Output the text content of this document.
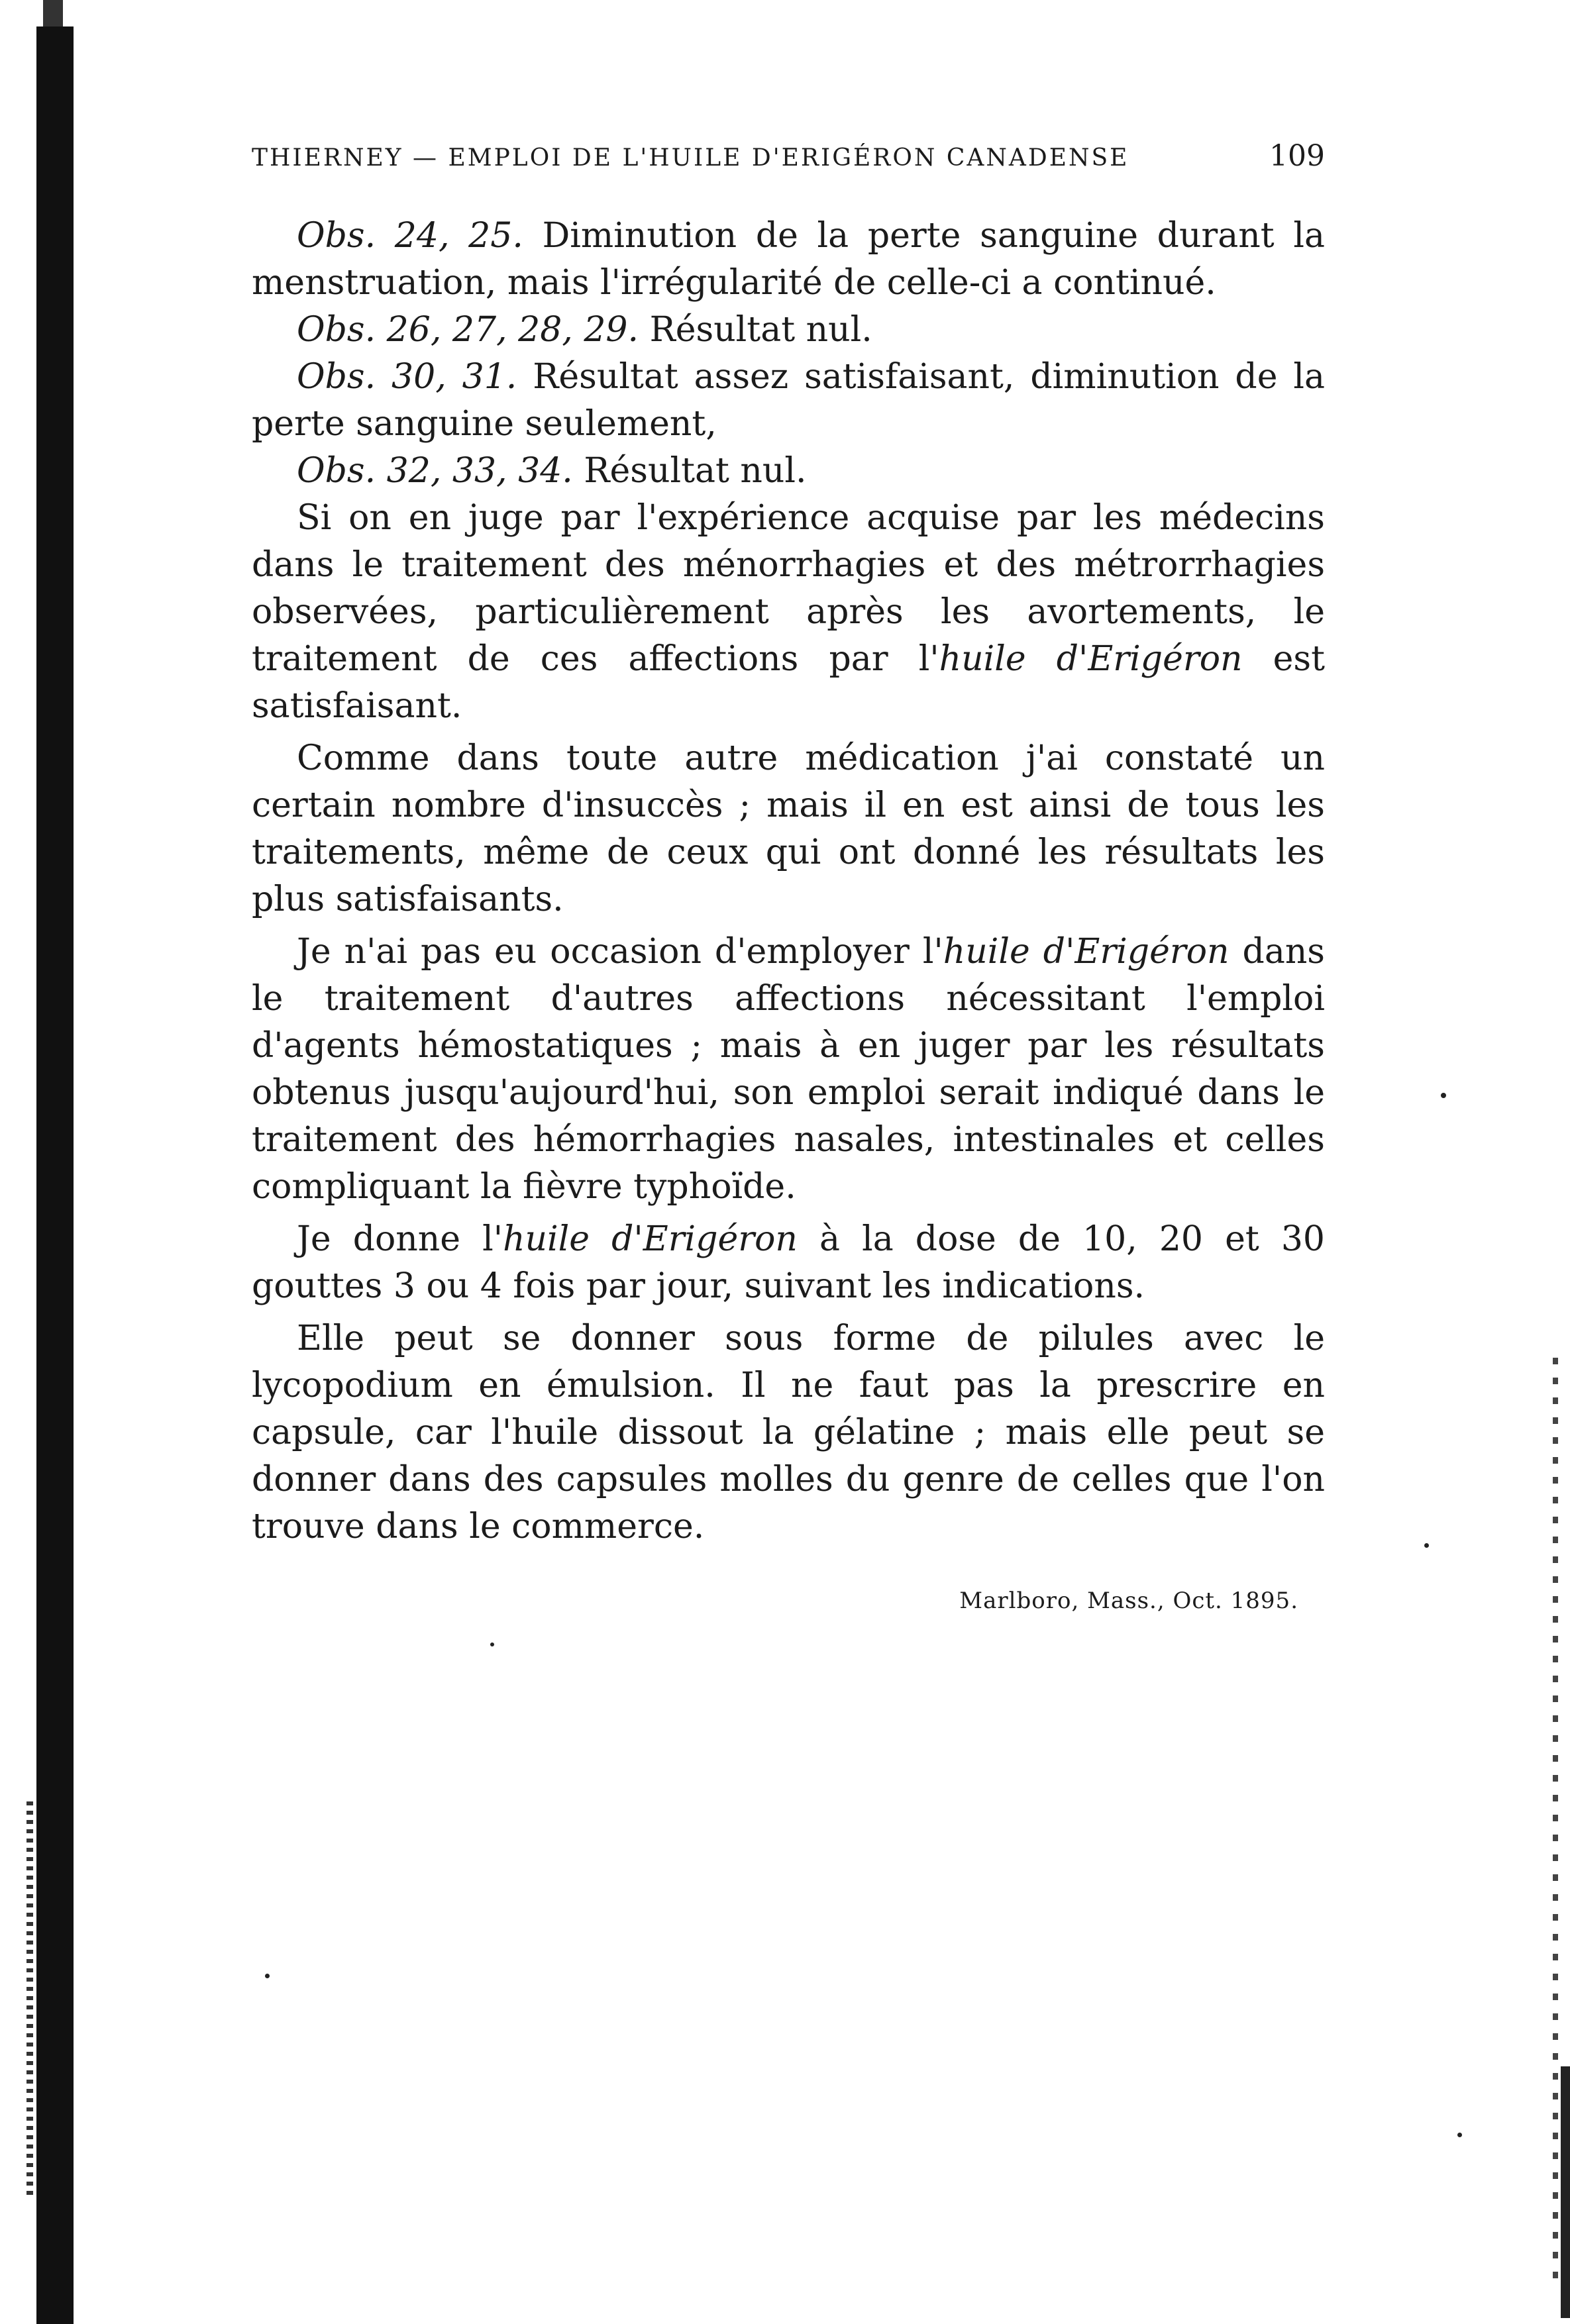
THIERNEY — EMPLOI DE L'HUILE D'ERIGÉRON CANADENSE	109

Obs. 24, 25. Diminution de la perte sanguine durant la menstruation, mais l'irrégularité de celle-ci a continué.

Obs. 26, 27, 28, 29. Résultat nul.

Obs. 30, 31. Résultat assez satisfaisant, diminution de la perte sanguine seulement,

Obs. 32, 33, 34. Résultat nul.

Si on en juge par l'expérience acquise par les médecins dans le traitement des ménorrhagies et des métrorrhagies observées, particulièrement après les avortements, le traitement de ces affections par l'huile d'Erigéron est satisfaisant.

Comme dans toute autre médication j'ai constaté un certain nombre d'insuccès ; mais il en est ainsi de tous les traitements, même de ceux qui ont donné les résultats les plus satisfaisants.

Je n'ai pas eu occasion d'employer l'huile d'Erigéron dans le traitement d'autres affections nécessitant l'emploi d'agents hémostatiques ; mais à en juger par les résultats obtenus jusqu'aujourd'hui, son emploi serait indiqué dans le traitement des hémorrhagies nasales, intestinales et celles compliquant la fièvre typhoïde.

Je donne l'huile d'Erigéron à la dose de 10, 20 et 30 gouttes 3 ou 4 fois par jour, suivant les indications.

Elle peut se donner sous forme de pilules avec le lycopodium en émulsion. Il ne faut pas la prescrire en capsule, car l'huile dissout la gélatine ; mais elle peut se donner dans des capsules molles du genre de celles que l'on trouve dans le commerce.

Marlboro, Mass., Oct. 1895.
